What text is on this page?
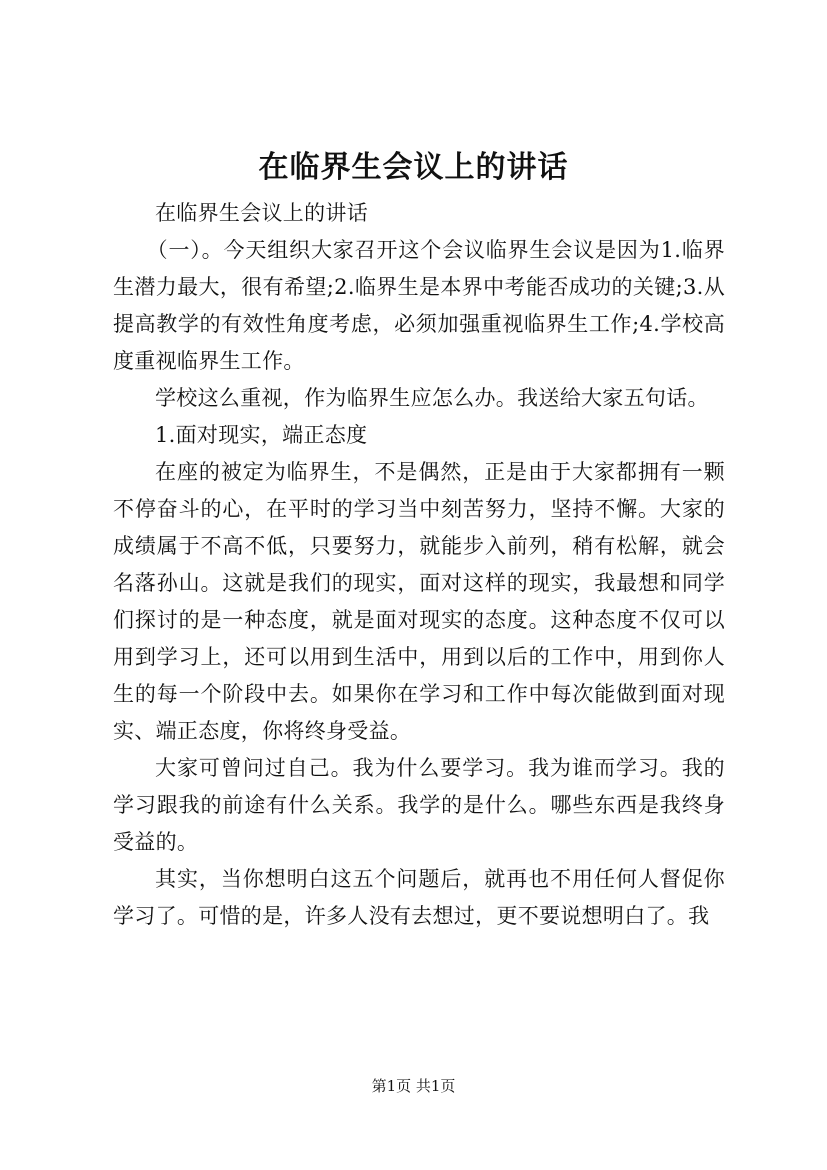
在临界生会议上的讲话

在临界生会议上的讲话

（一）。今天组织大家召开这个会议临界生会议是因为1.临界生潜力最大，很有希望;2.临界生是本界中考能否成功的关键;3.从提高教学的有效性角度考虑，必须加强重视临界生工作;4.学校高度重视临界生工作。

学校这么重视，作为临界生应怎么办。我送给大家五句话。

1.面对现实，端正态度

在座的被定为临界生，不是偶然，正是由于大家都拥有一颗不停奋斗的心，在平时的学习当中刻苦努力，坚持不懈。大家的成绩属于不高不低，只要努力，就能步入前列，稍有松解，就会名落孙山。这就是我们的现实，面对这样的现实，我最想和同学们探讨的是一种态度，就是面对现实的态度。这种态度不仅可以用到学习上，还可以用到生活中，用到以后的工作中，用到你人生的每一个阶段中去。如果你在学习和工作中每次能做到面对现实、端正态度，你将终身受益。

大家可曾问过自己。我为什么要学习。我为谁而学习。我的学习跟我的前途有什么关系。我学的是什么。哪些东西是我终身受益的。

其实，当你想明白这五个问题后，就再也不用任何人督促你学习了。可惜的是，许多人没有去想过，更不要说想明白了。我

第1页 共1页
